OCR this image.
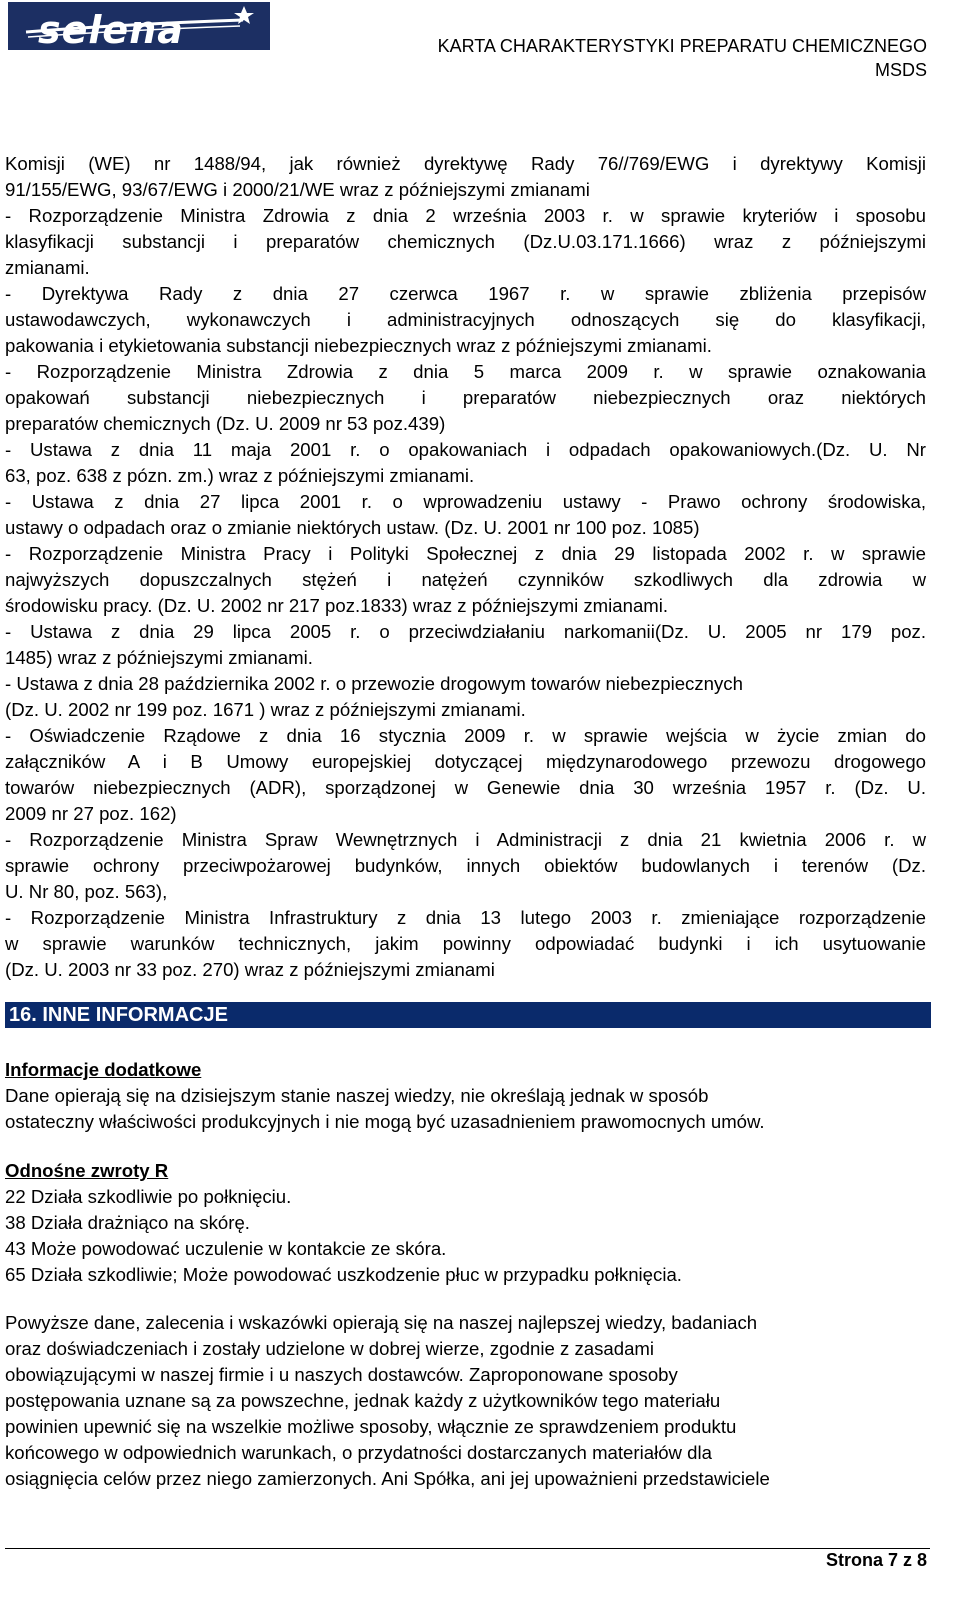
selena	KARTA CHARAKTERYSTYKI PREPARATU CHEMICZNEGO
MSDS
Komisji (WE) nr 1488/94, jak również dyrektywę Rady 76//769/EWG i dyrektywy Komisji
91/155/EWG, 93/67/EWG i 2000/21/WE wraz z późniejszymi zmianami
- Rozporządzenie Ministra Zdrowia z dnia 2 września 2003 r. w sprawie kryteriów i sposobu
klasyfikacji substancji i preparatów chemicznych (Dz.U.03.171.1666) wraz z późniejszymi
zmianami.
- Dyrektywa Rady z dnia 27 czerwca 1967 r. w sprawie zbliżenia przepisów
ustawodawczych, wykonawczych i administracyjnych odnoszących się do klasyfikacji,
pakowania i etykietowania substancji niebezpiecznych wraz z późniejszymi zmianami.
- Rozporządzenie Ministra Zdrowia z dnia 5 marca 2009 r. w sprawie oznakowania
opakowań substancji niebezpiecznych i preparatów niebezpiecznych oraz niektórych
preparatów chemicznych (Dz. U. 2009 nr 53 poz.439)
- Ustawa z dnia 11 maja 2001 r. o opakowaniach i odpadach opakowaniowych.(Dz. U. Nr
63, poz. 638 z pózn. zm.) wraz z późniejszymi zmianami.
- Ustawa z dnia 27 lipca 2001 r. o wprowadzeniu ustawy - Prawo ochrony środowiska,
ustawy o odpadach oraz o zmianie niektórych ustaw. (Dz. U. 2001 nr 100 poz. 1085)
- Rozporządzenie Ministra Pracy i Polityki Społecznej z dnia 29 listopada 2002 r. w sprawie
najwyższych dopuszczalnych stężeń i natężeń czynników szkodliwych dla zdrowia w
środowisku pracy. (Dz. U. 2002 nr 217 poz.1833) wraz z późniejszymi zmianami.
- Ustawa z dnia 29 lipca 2005 r. o przeciwdziałaniu narkomanii(Dz. U. 2005 nr 179 poz.
1485) wraz z późniejszymi zmianami.
- Ustawa z dnia 28 października 2002 r. o przewozie drogowym towarów niebezpiecznych
(Dz. U. 2002 nr 199 poz. 1671 ) wraz z późniejszymi zmianami.
- Oświadczenie Rządowe z dnia 16 stycznia 2009 r. w sprawie wejścia w życie zmian do
załączników A i B Umowy europejskiej dotyczącej międzynarodowego przewozu drogowego
towarów niebezpiecznych (ADR), sporządzonej w Genewie dnia 30 września 1957 r. (Dz. U.
2009 nr 27 poz. 162)
- Rozporządzenie Ministra Spraw Wewnętrznych i Administracji z dnia 21 kwietnia 2006 r. w
sprawie ochrony przeciwpożarowej budynków, innych obiektów budowlanych i terenów (Dz.
U. Nr 80, poz. 563),
- Rozporządzenie Ministra Infrastruktury z dnia 13 lutego 2003 r. zmieniające rozporządzenie
w sprawie warunków technicznych, jakim powinny odpowiadać budynki i ich usytuowanie
(Dz. U. 2003 nr 33 poz. 270) wraz z późniejszymi zmianami
16. INNE INFORMACJE
Informacje dodatkowe
Dane opierają się na dzisiejszym stanie naszej wiedzy, nie określają jednak w sposób
ostateczny właściwości produkcyjnych i nie mogą być uzasadnieniem prawomocnych umów.
Odnośne zwroty R
22 Działa szkodliwie po połknięciu.
38 Działa drażniąco na skórę.
43 Może powodować uczulenie w kontakcie ze skóra.
65 Działa szkodliwie; Może powodować uszkodzenie płuc w przypadku połknięcia.
Powyższe dane, zalecenia i wskazówki opierają się na naszej najlepszej wiedzy, badaniach
oraz doświadczeniach i zostały udzielone w dobrej wierze, zgodnie z zasadami
obowiązującymi w naszej firmie i u naszych dostawców. Zaproponowane sposoby
postępowania uznane są za powszechne, jednak każdy z użytkowników tego materiału
powinien upewnić się na wszelkie możliwe sposoby, włącznie ze sprawdzeniem produktu
końcowego w odpowiednich warunkach, o przydatności dostarczanych materiałów dla
osiągnięcia celów przez niego zamierzonych. Ani Spółka, ani jej upoważnieni przedstawiciele
Strona 7 z 8
